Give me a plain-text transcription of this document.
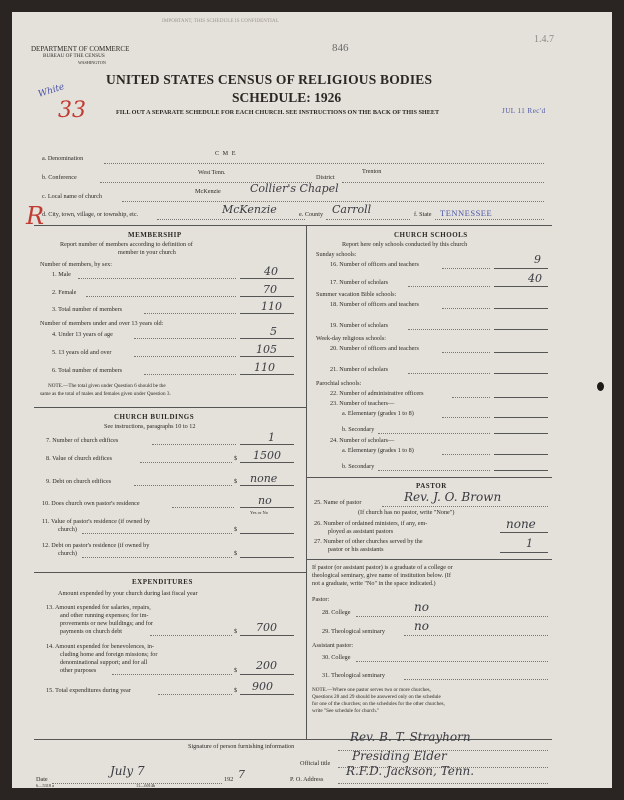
IMPORTANT, THIS SCHEDULE IS CONFIDENTIAL
DEPARTMENT OF COMMERCE
BUREAU OF THE CENSUS
WASHINGTON
846
1.4.7
UNITED STATES CENSUS OF RELIGIOUS BODIES
SCHEDULE: 1926
FILL OUT A SEPARATE SCHEDULE FOR EACH CHURCH. SEE INSTRUCTIONS ON THE BACK OF THIS SHEET
White
33	JUL 11 Rec'd
R
a. Denomination
C M E
b. Conference
West Tenn.
District
Trenton
c. Local name of church
McKenzie	Collier's Chapel
d. City, town, village, or township, etc.	McKenzie	e. County Carroll	f. State TENNESSEE
MEMBERSHIP
Report number of members according to definition of
member in your church
Number of members, by sex:
1. Male	40
2. Female	70
3. Total number of members	110
Number of members under and over 13 years old:
4. Under 13 years of age	5
5. 13 years old and over	105
6. Total number of members	110
NOTE.—The total given under Question 6 should be the
same as the total of males and females given under Question 3.
CHURCH BUILDINGS
See instructions, paragraphs 10 to 12
7. Number of church edifices	1
8. Value of church edifices	$ 1500
9. Debt on church edifices	$ none
10. Does church own pastor's residence	no
Yes or No
11. Value of pastor's residence (if owned by
church)	$
12. Debt on pastor's residence (if owned by
church)	$
EXPENDITURES
Amount expended by your church during last fiscal year
13. Amount expended for salaries, repairs,
and other running expenses; for im-
provements or new buildings; and for
payments on church debt	$ 700
14. Amount expended for benevolences, in-
cluding home and foreign missions; for
denominational support; and for all
other purposes	$ 200
15. Total expenditures during year	$ 900
CHURCH SCHOOLS
Report here only schools conducted by this church
Sunday schools:
16. Number of officers and teachers	9
17. Number of scholars	40
Summer vacation Bible schools:
18. Number of officers and teachers
19. Number of scholars
Week-day religious schools:
20. Number of officers and teachers
21. Number of scholars
Parochial schools:
22. Number of administrative officers
23. Number of teachers—
a. Elementary (grades 1 to 8)
b. Secondary
24. Number of scholars—
a. Elementary (grades 1 to 8)
b. Secondary
PASTOR
25. Name of pastor	Rev. J. O. Brown
(If church has no pastor, write "None")
26. Number of ordained ministers, if any, em-
ployed as assistant pastors
none
27. Number of other churches served by the
pastor or his assistants	1
If pastor (or assistant pastor) is a graduate of a college or
theological seminary, give name of institution below. (If
not a graduate, write "No" in the space indicated.)
Pastor:
28. College	no
29. Theological seminary no
Assistant pastor:
30. College
31. Theological seminary
NOTE.—Where one pastor serves two or more churches,
Questions 28 and 29 should be answered only on the schedule
for one of the churches; on the schedules for the other churches,
write "See schedule for church."
Signature of person furnishing information
Rev. B. T. Strayhorn
Official title
Presiding Elder
Date
July 7
192 7	P. O. Address
R.F.D. Jackson, Tenn.
6—5318 a	11—6014b
